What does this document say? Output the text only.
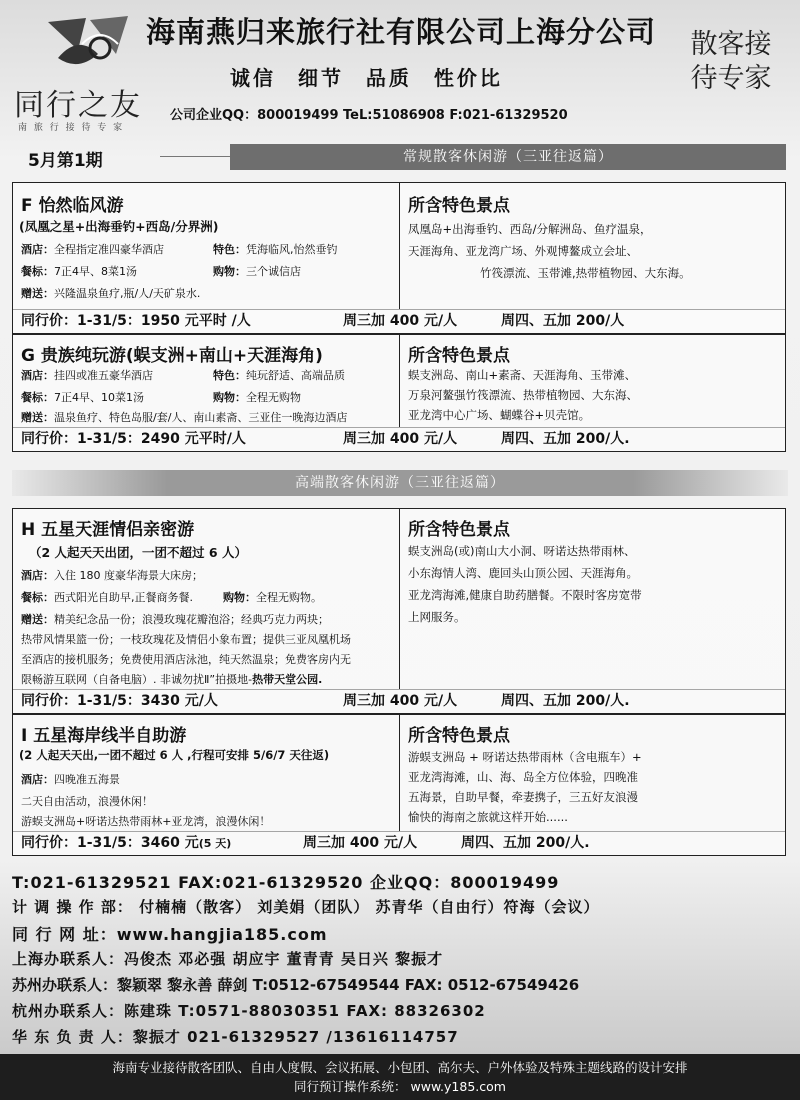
同行之友
南 旅 行 接 待 专 家
海南燕归来旅行社有限公司上海分公司
诚信 细节 品质 性价比
公司企业QQ：800019499 TeL:51086908 F:021-61329520
散客接
待专家
5月第1期	常规散客休闲游（三亚往返篇）
F 怡然临风游
(凤凰之星+出海垂钓+西岛/分界洲)
酒店：全程指定准四豪华酒店	特色：凭海临风,怡然垂钓
餐标：7正4早、8菜1汤	购物：三个诚信店
赠送：兴隆温泉鱼疗,瓶/人/天矿泉水.
所含特色景点
凤凰岛+出海垂钓、西岛/分解洲岛、鱼疗温泉，
天涯海角、亚龙湾广场、外观博鳌成立会址、
竹筏漂流、玉带滩,热带植物园、大东海。
同行价：1-31/5：1950 元平时 /人	周三加 400 元/人	周四、五加 200/人
G 贵族纯玩游(蜈支洲+南山+天涯海角)
酒店：挂四或准五豪华酒店	特色：纯玩舒适、高端品质
餐标：7正4早、10菜1汤	购物：全程无购物
赠送：温泉鱼疗、特色岛服/套/人、南山素斋、三亚住一晚海边酒店
所含特色景点
蜈支洲岛、南山+素斋、天涯海角、玉带滩、
万泉河鳌强竹筏漂流、热带植物园、大东海、
亚龙湾中心广场、蝴蝶谷+贝壳馆。
同行价：1-31/5：2490 元平时/人	周三加 400 元/人	周四、五加 200/人.
高端散客休闲游（三亚往返篇）
H 五星天涯情侣亲密游
（2 人起天天出团，一团不超过 6 人）
酒店：入住 180 度豪华海景大床房；
餐标：西式阳光自助早,正餐商务餐.	购物：全程无购物。
赠送：精美纪念品一份；浪漫玫瑰花瓣泡浴；经典巧克力两块；
热带风情果篮一份；一枝玫瑰花及情侣小象布置；提供三亚凤凰机场
至酒店的接机服务；免费使用酒店泳池，纯天然温泉；免费客房内无
限畅游互联网（自备电脑）. 非诚勿扰Ⅱ”拍摄地-热带天堂公园.
所含特色景点
蜈支洲岛(或)南山大小洞、呀诺达热带雨林、
小东海情人湾、鹿回头山顶公园、天涯海角。
亚龙湾海滩,健康自助药膳餐。不限时客房宽带
上网服务。
同行价：1-31/5：3430 元/人	周三加 400 元/人	周四、五加 200/人.
I 五星海岸线半自助游
(2 人起天天出,一团不超过 6 人 ,行程可安排 5/6/7 天往返)
酒店：四晚准五海景
二天自由活动，浪漫休闲！
游蜈支洲岛+呀诺达热带雨林+亚龙湾，浪漫休闲！
所含特色景点
游蜈支洲岛 + 呀诺达热带雨林（含电瓶车）+
亚龙湾海滩，山、海、岛全方位体验，四晚准
五海景，自助早餐，牵妻携子，三五好友浪漫
愉快的海南之旅就这样开始......
同行价：1-31/5：3460 元(5 天)	周三加 400 元/人	周四、五加 200/人.
T:021-61329521 FAX:021-61329520 企业QQ：800019499
计 调 操 作 部： 付楠楠（散客） 刘美娟（团队） 苏青华（自由行）符海（会议）
同 行 网 址：www.hangjia185.com
上海办联系人：冯俊杰 邓必强 胡应宇 董青青 吴日兴 黎振才
苏州办联系人：黎颖翠 黎永善 薛剑 T:0512-67549544 FAX: 0512-67549426
杭州办联系人：陈建珠 T:0571-88030351 FAX: 88326302
华 东 负 责 人：黎振才 021-61329527 /13616114757
海南专业接待散客团队、自由人度假、会议拓展、小包团、高尔夫、户外体验及特殊主题线路的设计安排
同行预订操作系统： www.y185.com
